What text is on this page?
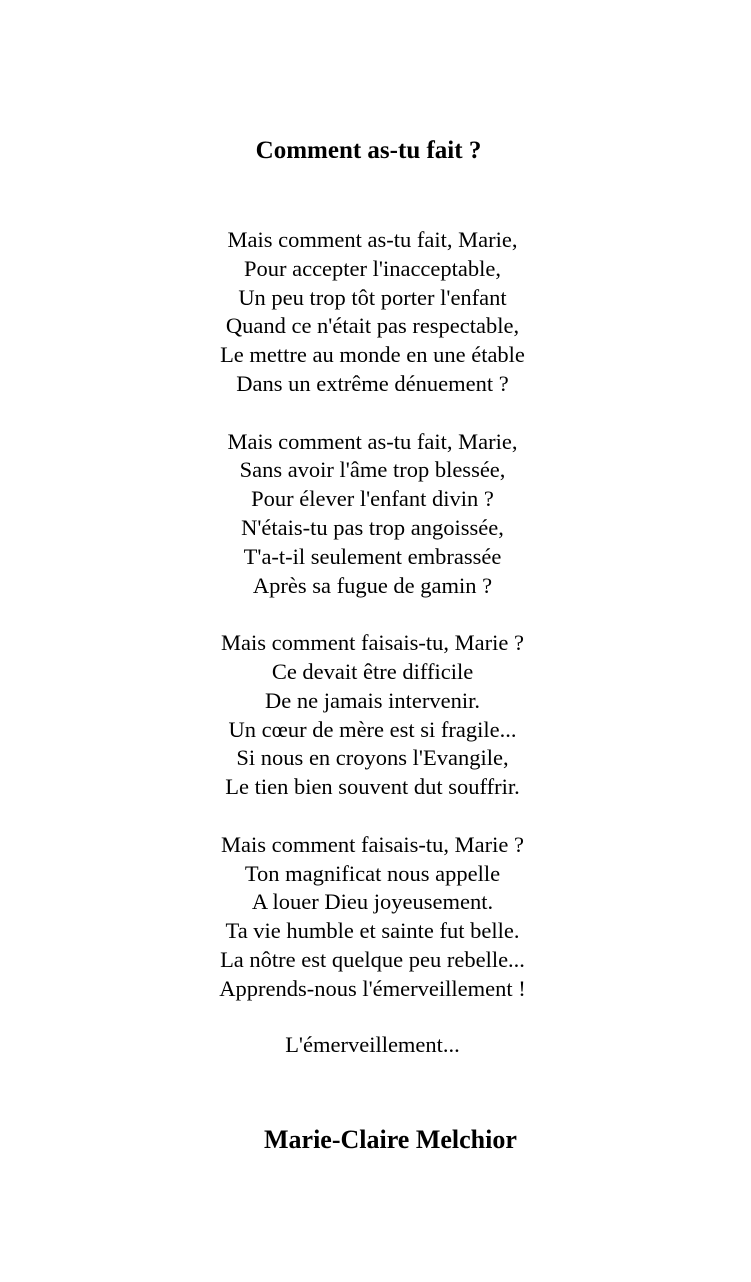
Comment as-tu fait ?
Mais comment as-tu fait, Marie,
Pour accepter l'inacceptable,
Un peu trop tôt porter l'enfant
Quand ce n'était pas respectable,
Le mettre au monde en une étable
Dans un extrême dénuement ?
Mais comment as-tu fait, Marie,
Sans avoir l'âme trop blessée,
Pour élever l'enfant divin ?
N'étais-tu pas trop angoissée,
T'a-t-il seulement embrassée
Après sa fugue de gamin ?
Mais comment faisais-tu, Marie ?
Ce devait être difficile
De ne jamais intervenir.
Un cœur de mère est si fragile...
Si nous en croyons l'Evangile,
Le tien bien souvent dut souffrir.
Mais comment faisais-tu, Marie ?
Ton magnificat nous appelle
A louer Dieu joyeusement.
Ta vie humble et sainte fut belle.
La nôtre est quelque peu rebelle...
Apprends-nous l'émerveillement !
L'émerveillement...
Marie-Claire Melchior
